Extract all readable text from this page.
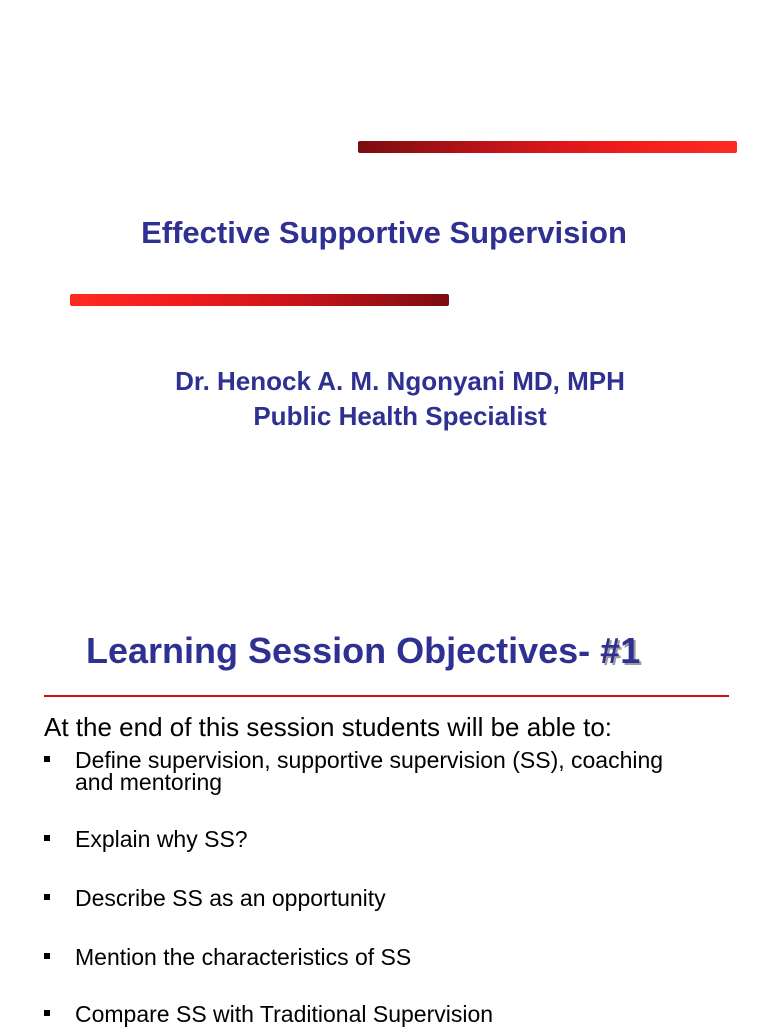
Effective Supportive Supervision
Dr. Henock A. M. Ngonyani MD, MPH
Public Health Specialist
Learning Session Objectives- #1

At the end of this session students will be able to:

Define supervision, supportive supervision (SS), coaching and mentoring
Explain why SS?
Describe SS as an opportunity
Mention the characteristics of SS
Compare SS with Traditional Supervision
